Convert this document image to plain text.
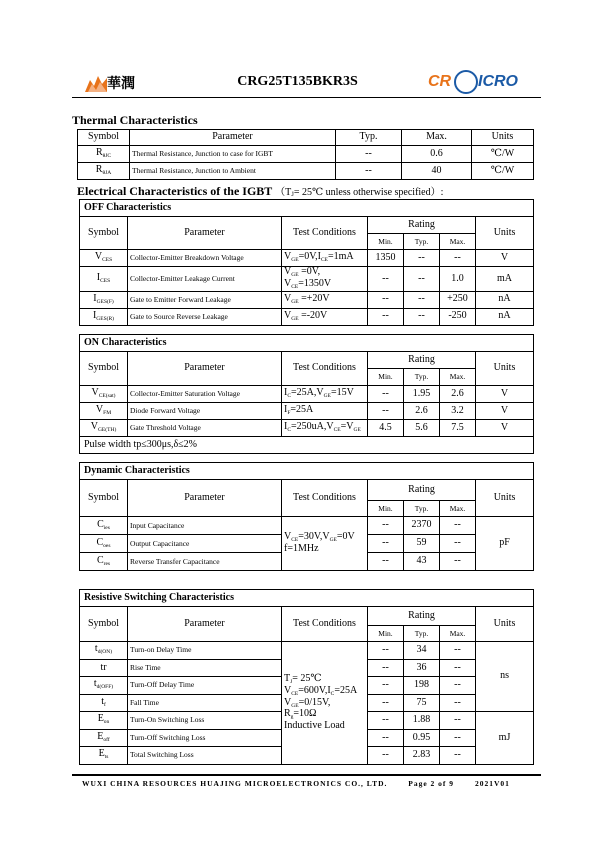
華潤	CRG25T135BKR3S	CR ICRO
Thermal Characteristics
Symbol	Parameter	Typ.	Max.	Units
$R_{\theta JC}$	Thermal Resistance, Junction to case for IGBT	--	0.6	℃/W
$R_{\theta JA}$	Thermal Resistance, Junction to Ambient	--	40	℃/W
Electrical Characteristics of the IGBT （Tⱼ= 25℃ unless otherwise specified）:
OFF Characteristics						
Symbol	Parameter	Test Conditions	Rating			Units
			Min.	Typ.	Max.	
$V_{CES}$	Collector-Emitter Breakdown Voltage	$V_{GE}=0V,I_{CE}=1mA$	1350	--	--	V
$I_{CES}$	Collector-Emitter Leakage Current	$V_{GE} =0V$,
$V_{CE}=1350V$	--	--	1.0	mA
$I_{GES(F)}$	Gate to Emitter Forward Leakage	$V_{GE} =+20V$	--	--	+250	nA
$I_{GES(R)}$	Gate to Source Reverse Leakage	$V_{GE} =-20V$	--	--	-250	nA
ON Characteristics						
Symbol	Parameter	Test Conditions	Rating			Units
			Min.	Typ.	Max.	
$V_{CE(sat)}$	Collector-Emitter Saturation Voltage	$I_C=25A,V_{GE}=15V$	--	1.95	2.6	V
$V_{FM}$	Diode Forward Voltage	$I_F=25A$	--	2.6	3.2	V
$V_{GE(TH)}$	Gate Threshold Voltage	$I_C=250uA,V_{CE}=V_{GE}$	4.5	5.6	7.5	V
Pulse width tp≤300μs,δ≤2%						
Dynamic Characteristics						
Symbol	Parameter	Test Conditions	Rating			Units
			Min.	Typ.	Max.	
$C_{ies}$	Input Capacitance	$V_{CE}=30V,V_{GE}=0V$
f=1MHz	--	2370	--	pF
$C_{oes}$	Output Capacitance		--	59	--	
$C_{res}$	Reverse Transfer Capacitance		--	43	--	
Resistive Switching Characteristics						
Symbol	Parameter	Test Conditions	Rating			Units
			Min.	Typ.	Max.	
$t_{d(ON)}$	Turn-on Delay Time	$T_J=$ 25℃
$V_{CE}=600V,I_C=25A$
$V_{GE}=0/15V$,
$R_g=10\Omega$
Inductive Load	--	34	--	ns
tr	Rise Time		--	36	--	
$t_{d(OFF)}$	Turn-Off Delay Time		--	198	--	
$t_f$	Fall Time		--	75	--	
$E_{on}$	Turn-On Switching Loss		--	1.88	--	mJ
$E_{off}$	Turn-Off Switching Loss		--	0.95	--	
$E_{ts}$	Total Switching Loss		--	2.83	--	
WUXI CHINA RESOURCES HUAJING MICROELECTRONICS CO., LTD.	Page 2 of 9	2021V01
